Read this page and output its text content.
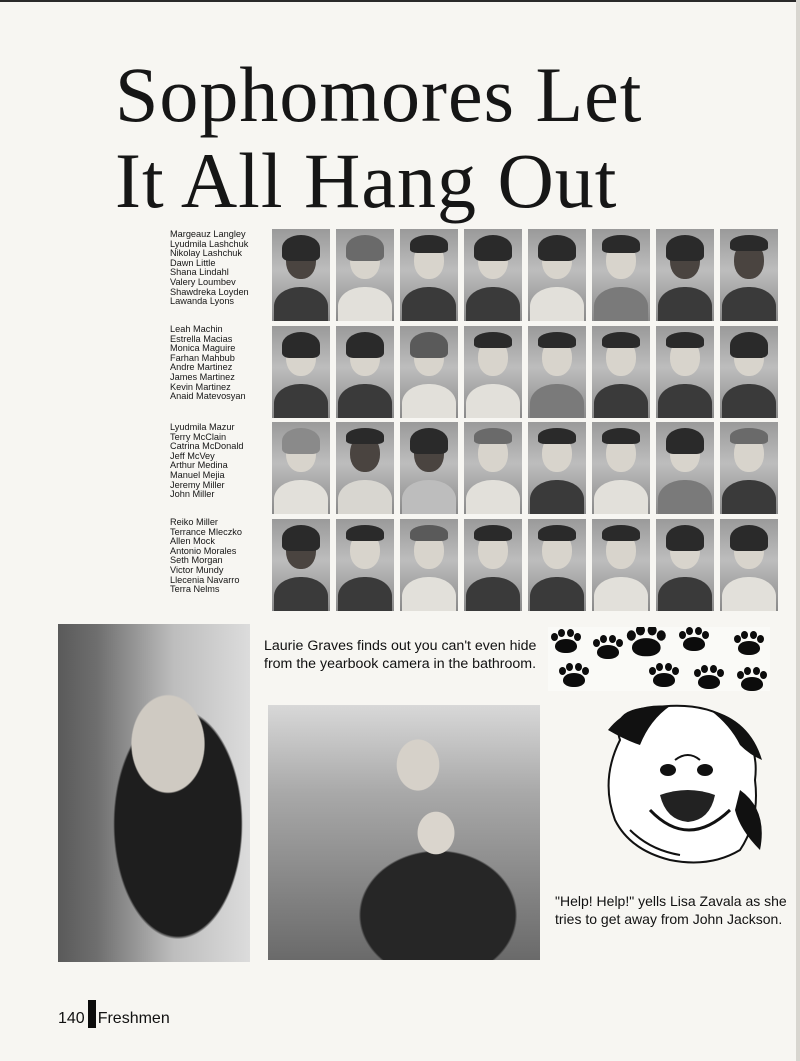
Sophomores Let
It All Hang Out
Margeauz Langley
Lyudmila Lashchuk
Nikolay Lashchuk
Dawn Little
Shana Lindahl
Valery Loumbev
Shawdreka Loyden
Lawanda Lyons
Leah Machin
Estrella Macias
Monica Maguire
Farhan Mahbub
Andre Martinez
James Martinez
Kevin Martinez
Anaid Matevosyan
Lyudmila Mazur
Terry McClain
Catrina McDonald
Jeff McVey
Arthur Medina
Manuel Mejia
Jeremy Miller
John Miller
Reiko Miller
Terrance Mleczko
Allen Mock
Antonio Morales
Seth Morgan
Victor Mundy
Llecenia Navarro
Terra Nelms

Laurie Graves finds out you can't even hide from the yearbook camera in the bathroom.

"Help! Help!" yells Lisa Zavala as she tries to get away from John Jackson.

140 Freshmen
